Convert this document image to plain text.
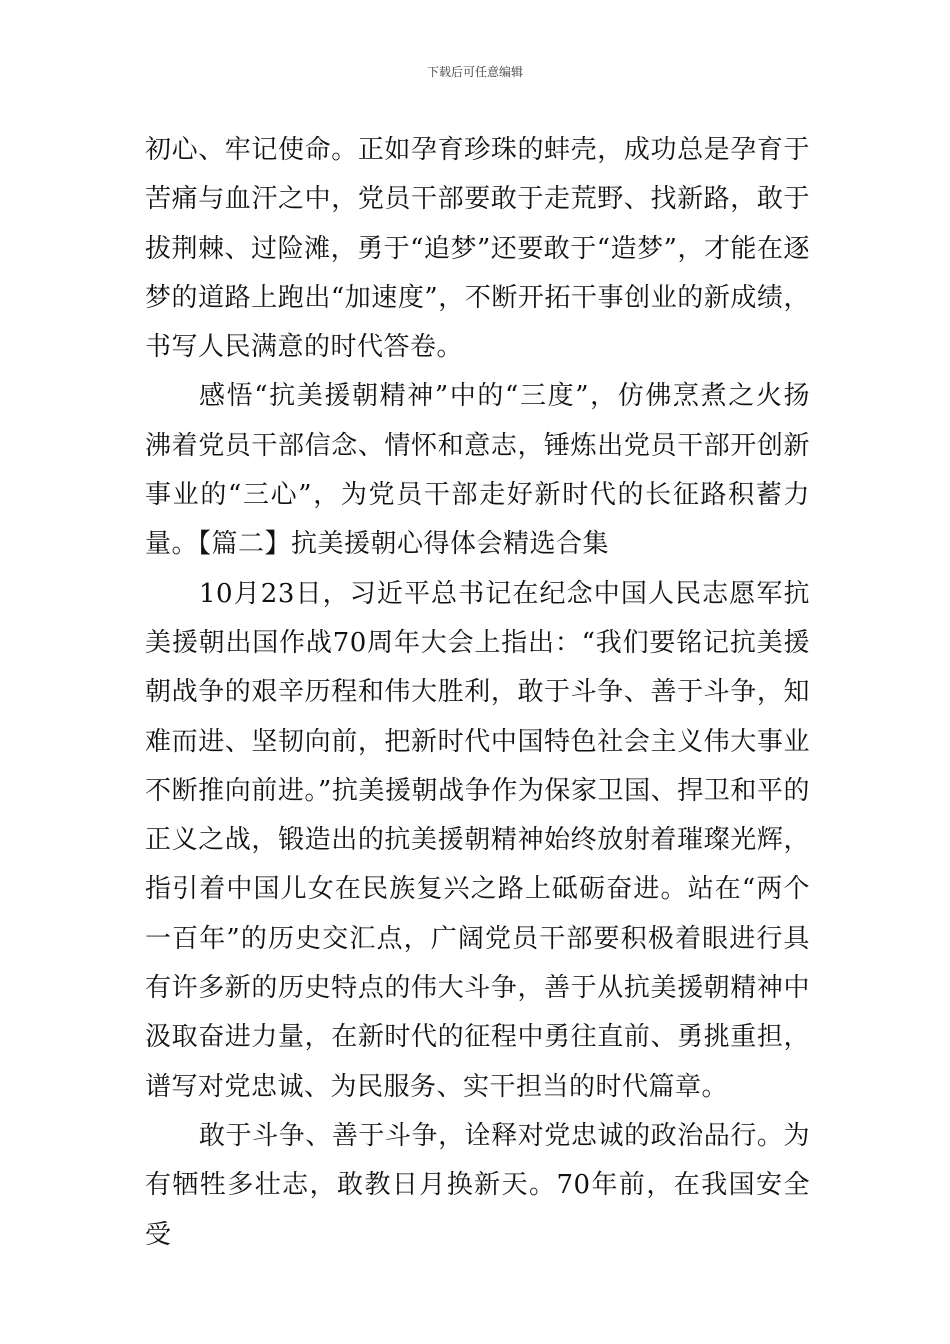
下载后可任意编辑

初心、牢记使命。正如孕育珍珠的蚌壳，成功总是孕育于苦痛与血汗之中，党员干部要敢于走荒野、找新路，敢于拔荆棘、过险滩，勇于“追梦”还要敢于“造梦”，才能在逐梦的道路上跑出“加速度”，不断开拓干事创业的新成绩，书写人民满意的时代答卷。

感悟“抗美援朝精神”中的“三度”，仿佛烹煮之火扬沸着党员干部信念、情怀和意志，锤炼出党员干部开创新事业的“三心”，为党员干部走好新时代的长征路积蓄力量。【篇二】抗美援朝心得体会精选合集

10月23日，习近平总书记在纪念中国人民志愿军抗美援朝出国作战70周年大会上指出：“我们要铭记抗美援朝战争的艰辛历程和伟大胜利，敢于斗争、善于斗争，知难而进、坚韧向前，把新时代中国特色社会主义伟大事业不断推向前进。”抗美援朝战争作为保家卫国、捍卫和平的正义之战，锻造出的抗美援朝精神始终放射着璀璨光辉，指引着中国儿女在民族复兴之路上砥砺奋进。站在“两个一百年”的历史交汇点，广阔党员干部要积极着眼进行具有许多新的历史特点的伟大斗争，善于从抗美援朝精神中汲取奋进力量，在新时代的征程中勇往直前、勇挑重担，谱写对党忠诚、为民服务、实干担当的时代篇章。

敢于斗争、善于斗争，诠释对党忠诚的政治品行。为有牺牲多壮志，敢教日月换新天。70年前，在我国安全受
